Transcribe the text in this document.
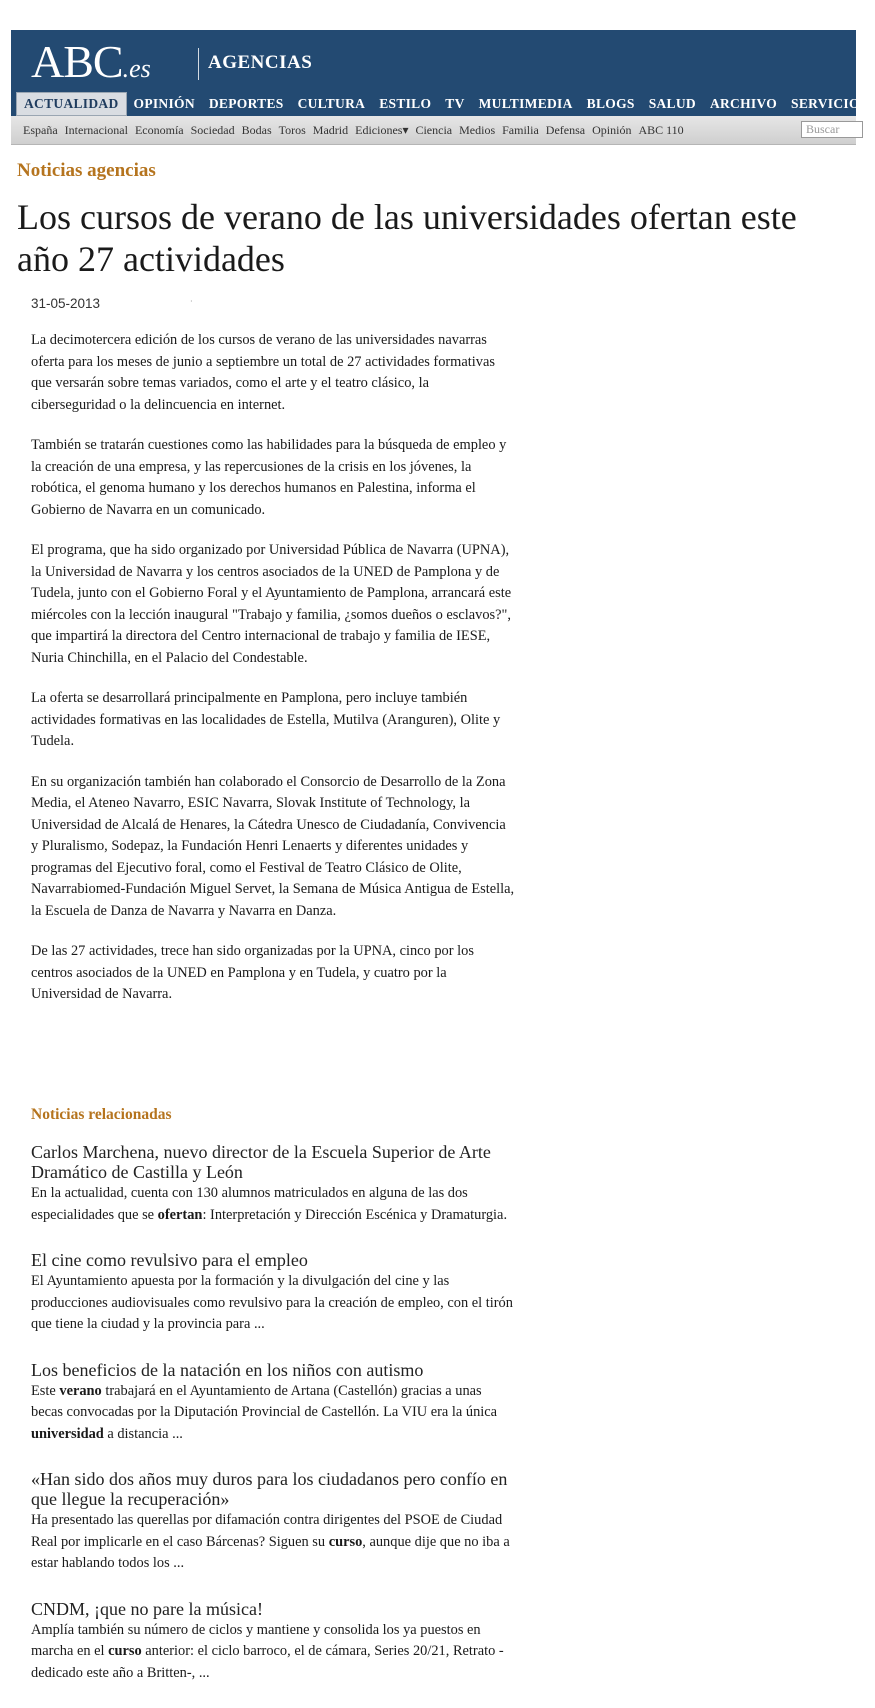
ABC.es	AGENCIAS
ACTUALIDAD	OPINIÓN	DEPORTES	CULTURA	ESTILO	TV	MULTIMEDIA	BLOGS	SALUD	ARCHIVO	SERVICIOS
España Internacional Economía Sociedad Bodas Toros Madrid Ediciones▾ Ciencia Medios Familia Defensa Opinión ABC 110
Buscar
Noticias agencias
Los cursos de verano de las universidades ofertan este año 27 actividades
31-05-2013	·

La decimotercera edición de los cursos de verano de las universidades navarras oferta para los meses de junio a septiembre un total de 27 actividades formativas que versarán sobre temas variados, como el arte y el teatro clásico, la ciberseguridad o la delincuencia en internet.

También se tratarán cuestiones como las habilidades para la búsqueda de empleo y la creación de una empresa, y las repercusiones de la crisis en los jóvenes, la robótica, el genoma humano y los derechos humanos en Palestina, informa el Gobierno de Navarra en un comunicado.

El programa, que ha sido organizado por Universidad Pública de Navarra (UPNA), la Universidad de Navarra y los centros asociados de la UNED de Pamplona y de Tudela, junto con el Gobierno Foral y el Ayuntamiento de Pamplona, arrancará este miércoles con la lección inaugural "Trabajo y familia, ¿somos dueños o esclavos?", que impartirá la directora del Centro internacional de trabajo y familia de IESE, Nuria Chinchilla, en el Palacio del Condestable.

La oferta se desarrollará principalmente en Pamplona, pero incluye también actividades formativas en las localidades de Estella, Mutilva (Aranguren), Olite y Tudela.

En su organización también han colaborado el Consorcio de Desarrollo de la Zona Media, el Ateneo Navarro, ESIC Navarra, Slovak Institute of Technology, la Universidad de Alcalá de Henares, la Cátedra Unesco de Ciudadanía, Convivencia y Pluralismo, Sodepaz, la Fundación Henri Lenaerts y diferentes unidades y programas del Ejecutivo foral, como el Festival de Teatro Clásico de Olite, Navarrabiomed-Fundación Miguel Servet, la Semana de Música Antigua de Estella, la Escuela de Danza de Navarra y Navarra en Danza.

De las 27 actividades, trece han sido organizadas por la UPNA, cinco por los centros asociados de la UNED en Pamplona y en Tudela, y cuatro por la Universidad de Navarra.

Noticias relacionadas
Carlos Marchena, nuevo director de la Escuela Superior de Arte Dramático de Castilla y León
En la actualidad, cuenta con 130 alumnos matriculados en alguna de las dos especialidades que se ofertan: Interpretación y Dirección Escénica y Dramaturgia.
El cine como revulsivo para el empleo
El Ayuntamiento apuesta por la formación y la divulgación del cine y las producciones audiovisuales como revulsivo para la creación de empleo, con el tirón que tiene la ciudad y la provincia para ...
Los beneficios de la natación en los niños con autismo
Este verano trabajará en el Ayuntamiento de Artana (Castellón) gracias a unas becas convocadas por la Diputación Provincial de Castellón. La VIU era la única universidad a distancia ...
«Han sido dos años muy duros para los ciudadanos pero confío en que llegue la recuperación»
Ha presentado las querellas por difamación contra dirigentes del PSOE de Ciudad Real por implicarle en el caso Bárcenas? Siguen su curso, aunque dije que no iba a estar hablando todos los ...
CNDM, ¡que no pare la música!
Amplía también su número de ciclos y mantiene y consolida los ya puestos en marcha en el curso anterior: el ciclo barroco, el de cámara, Series 20/21, Retrato -dedicado este año a Britten-, ...
